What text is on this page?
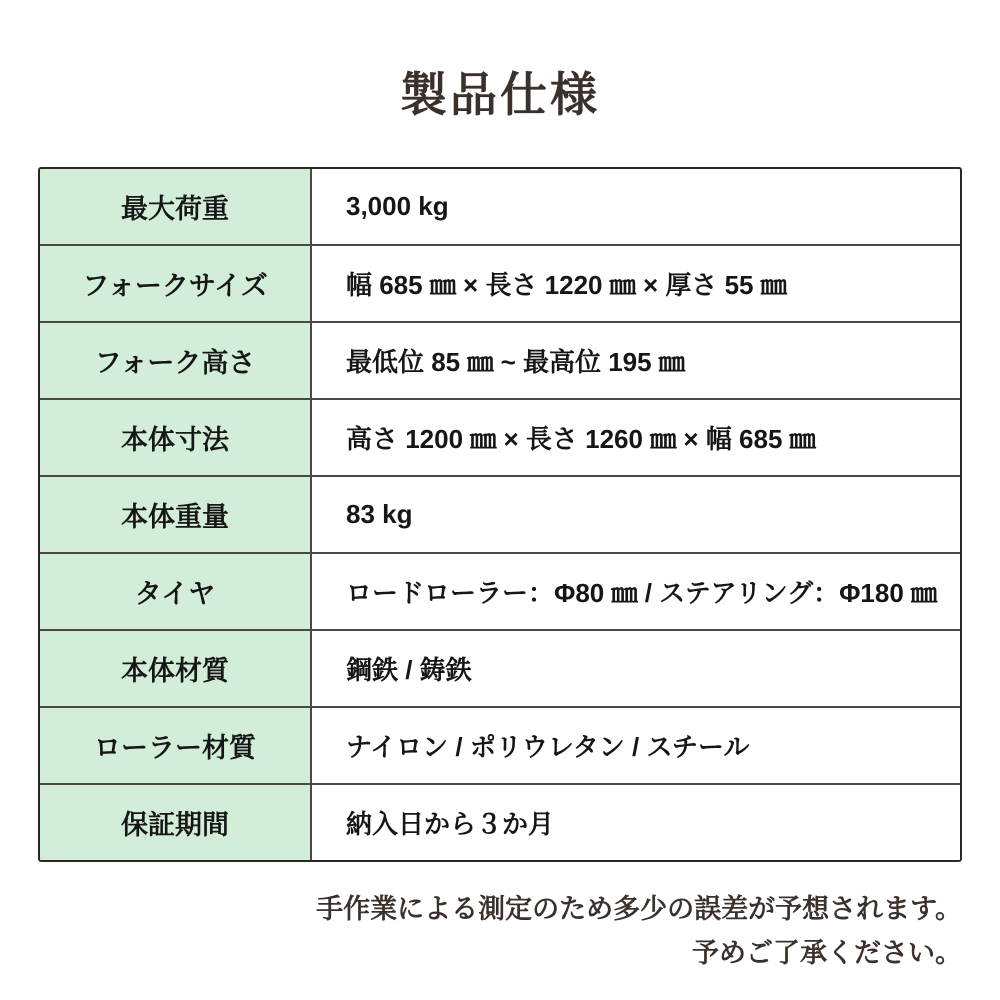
製品仕様
最大荷重	3,000 kg
フォークサイズ	幅 685 ㎜ × 長さ 1220 ㎜ × 厚さ 55 ㎜
フォーク高さ	最低位 85 ㎜ ~ 最高位 195 ㎜
本体寸法	高さ 1200 ㎜ × 長さ 1260 ㎜ × 幅 685 ㎜
本体重量	83 kg
タイヤ	ロードローラー：Φ80 ㎜ / ステアリング：Φ180 ㎜
本体材質	鋼鉄 / 鋳鉄
ローラー材質	ナイロン / ポリウレタン / スチール
保証期間	納入日から３か月
手作業による測定のため多少の誤差が予想されます。
予めご了承ください。
